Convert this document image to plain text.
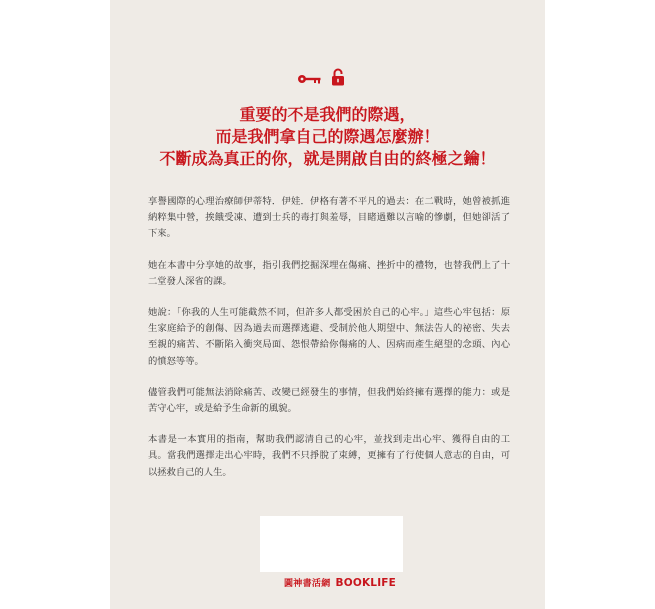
重要的不是我們的際遇，
而是我們拿自己的際遇怎麼辦！
不斷成為真正的你，就是開啟自由的終極之鑰！

享譽國際的心理治療師伊蒂特．伊娃．伊格有著不平凡的過去：在二戰時，她曾被抓進納粹集中營，挨餓受凍、遭到士兵的毒打與羞辱，目睹過難以言喻的慘劇，但她卻活了下來。

她在本書中分享她的故事，指引我們挖掘深埋在傷痛、挫折中的禮物，也替我們上了十二堂發人深省的課。

她說：「你我的人生可能截然不同，但許多人都受困於自己的心牢。」這些心牢包括：原生家庭給予的創傷、因為過去而選擇逃避、受制於他人期望中、無法告人的祕密、失去至親的痛苦、不斷陷入衝突局面、怨恨帶給你傷痛的人、因病而產生絕望的念頭、內心的憤怒等等。

儘管我們可能無法消除痛苦、改變已經發生的事情，但我們始終擁有選擇的能力：或是苦守心牢，或是給予生命新的風貌。

本書是一本實用的指南，幫助我們認清自己的心牢，並找到走出心牢、獲得自由的工具。當我們選擇走出心牢時，我們不只掙脫了束縛，更擁有了行使個人意志的自由，可以拯救自己的人生。

圓神書活網 BOOKLIFE
